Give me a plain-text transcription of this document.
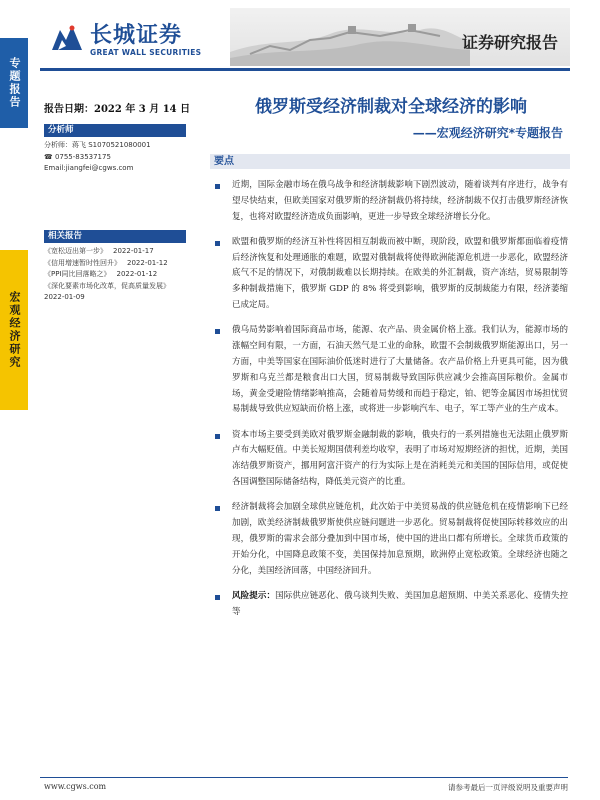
专题报告
宏观经济研究
长城证券
GREAT WALL SECURITIES
证券研究报告
报告日期：2022 年 3 月 14 日	俄罗斯受经济制裁对全球经济的影响
——宏观经济研究*专题报告
分析师
分析师：蒋飞 S1070521080001
☎ 0755-83537175
Email:jiangfei@cgws.com
相关报告
《宽松迈出第一步》 2022-01-17
《信用增速暂时性回升》 2022-01-12
《PPI同比回落略之》 2022-01-12
《深化要素市场化改革，促高质量发展》
2022-01-09
要点
近期，国际金融市场在俄乌战争和经济制裁影响下剧烈波动，随着谈判有序进行，战争有望尽快结束，但欧美国家对俄罗斯的经济制裁仍将持续，经济制裁不仅打击俄罗斯经济恢复，也将对欧盟经济造成负面影响，更进一步导致全球经济增长分化。
欧盟和俄罗斯的经济互补性将因相互制裁而被中断，现阶段，欧盟和俄罗斯都面临着疫情后经济恢复和处理通胀的难题，欧盟对俄制裁将使得欧洲能源危机进一步恶化，欧盟经济底气不足的情况下，对俄制裁难以长期持续。在欧美的外汇制裁，资产冻结，贸易限制等多种制裁措施下，俄罗斯 GDP 的 8% 将受到影响，俄罗斯的反制裁能力有限，经济萎缩已成定局。
俄乌局势影响着国际商品市场，能源、农产品、贵金属价格上涨。我们认为，能源市场的涨幅空间有限，一方面，石油天然气是工业的命脉，欧盟不会制裁俄罗斯能源出口，另一方面，中美等国家在国际油价低迷时进行了大量储备。农产品价格上升更具可能，因为俄罗斯和乌克兰都是粮食出口大国，贸易制裁导致国际供应减少会推高国际粮价。金属市场，黄金受避险情绪影响推高，会随着局势缓和而趋于稳定，铂、钯等金属因市场担忧贸易制裁导致供应短缺而价格上涨，或将进一步影响汽车、电子，军工等产业的生产成本。
资本市场主要受到美欧对俄罗斯金融制裁的影响，俄央行的一系列措施也无法阻止俄罗斯卢布大幅贬值。中美长短期国债利差均收窄，表明了市场对短期经济的担忧，近期，美国冻结俄罗斯资产，挪用阿富汗资产的行为实际上是在消耗美元和美国的国际信用，或促使各国调整国际储备结构，降低美元资产的比重。
经济制裁将会加剧全球供应链危机，此次始于中美贸易战的供应链危机在疫情影响下已经加剧，欧美经济制裁俄罗斯使供应链问题进一步恶化。贸易制裁将促使国际转移效应的出现，俄罗斯的需求会部分叠加到中国市场，使中国的进出口都有所增长。全球货币政策的开始分化，中国降息政策不变，美国保持加息预期，欧洲停止宽松政策。全球经济也随之分化，美国经济回落，中国经济回升。
风险提示：国际供应链恶化、俄乌谈判失败、美国加息超预期、中美关系恶化、疫情失控等
www.cgws.com	请参考最后一页评级说明及重要声明
